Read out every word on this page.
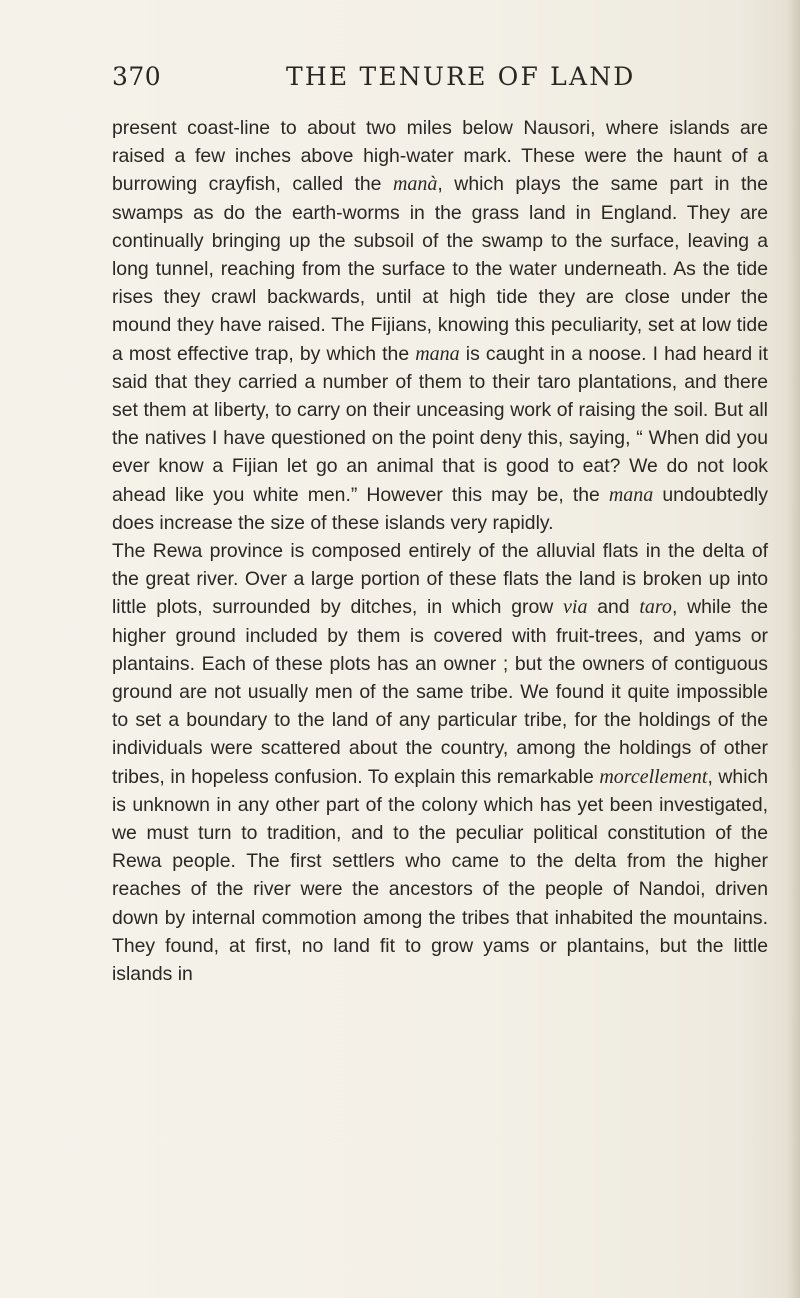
370	THE TENURE OF LAND

present coast-line to about two miles below Nausori, where islands are raised a few inches above high-water mark. These were the haunt of a burrowing crayfish, called the manà, which plays the same part in the swamps as do the earth-worms in the grass land in England. They are continually bringing up the subsoil of the swamp to the surface, leaving a long tunnel, reaching from the surface to the water underneath. As the tide rises they crawl backwards, until at high tide they are close under the mound they have raised. The Fijians, knowing this peculiarity, set at low tide a most effective trap, by which the mana is caught in a noose. I had heard it said that they carried a number of them to their taro plantations, and there set them at liberty, to carry on their unceasing work of raising the soil. But all the natives I have questioned on the point deny this, saying, “ When did you ever know a Fijian let go an animal that is good to eat? We do not look ahead like you white men.” However this may be, the mana undoubtedly does increase the size of these islands very rapidly.

The Rewa province is composed entirely of the alluvial flats in the delta of the great river. Over a large portion of these flats the land is broken up into little plots, surrounded by ditches, in which grow via and taro, while the higher ground included by them is covered with fruit-trees, and yams or plantains. Each of these plots has an owner ; but the owners of contiguous ground are not usually men of the same tribe. We found it quite impossible to set a boundary to the land of any particular tribe, for the holdings of the individuals were scattered about the country, among the holdings of other tribes, in hopeless confusion. To explain this remarkable morcellement, which is unknown in any other part of the colony which has yet been investigated, we must turn to tradition, and to the peculiar political constitution of the Rewa people. The first settlers who came to the delta from the higher reaches of the river were the ancestors of the people of Nandoi, driven down by internal commotion among the tribes that inhabited the mountains. They found, at first, no land fit to grow yams or plantains, but the little islands in
